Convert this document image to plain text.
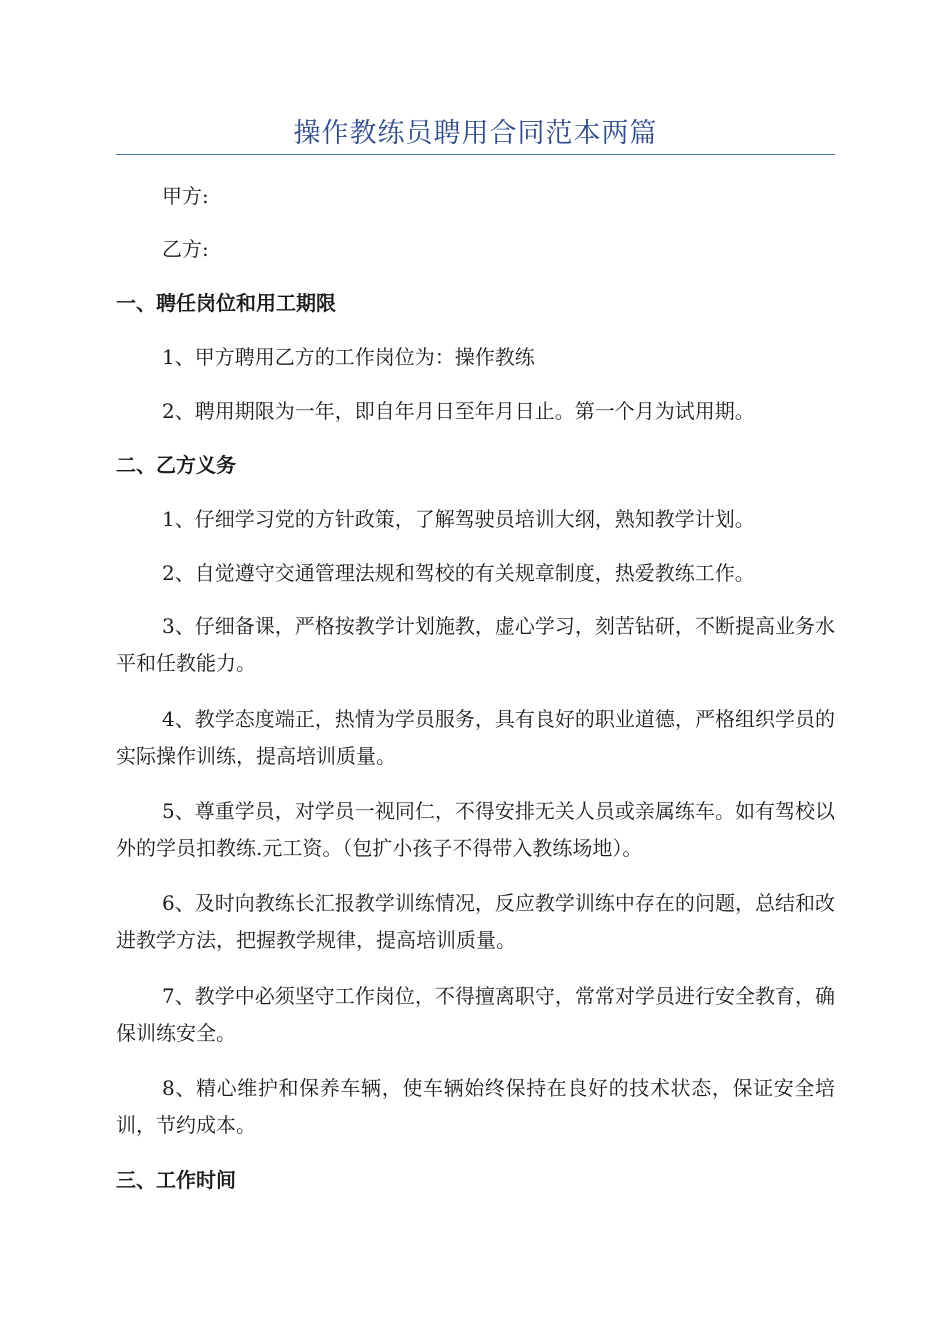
操作教练员聘用合同范本两篇
甲方:
乙方:
一、聘任岗位和用工期限
1、甲方聘用乙方的工作岗位为：操作教练
2、聘用期限为一年，即自年月日至年月日止。第一个月为试用期。
二、乙方义务
1、仔细学习党的方针政策，了解驾驶员培训大纲，熟知教学计划。
2、自觉遵守交通管理法规和驾校的有关规章制度，热爱教练工作。
3、仔细备课，严格按教学计划施教，虚心学习，刻苦钻研，不断提高业务水平和任教能力。
4、教学态度端正，热情为学员服务，具有良好的职业道德，严格组织学员的实际操作训练，提高培训质量。
5、尊重学员，对学员一视同仁，不得安排无关人员或亲属练车。如有驾校以外的学员扣教练.元工资。（包扩小孩子不得带入教练场地）。
6、及时向教练长汇报教学训练情况，反应教学训练中存在的问题，总结和改进教学方法，把握教学规律，提高培训质量。
7、教学中必须坚守工作岗位，不得擅离职守，常常对学员进行安全教育，确保训练安全。
8、精心维护和保养车辆，使车辆始终保持在良好的技术状态，保证安全培训，节约成本。
三、工作时间
